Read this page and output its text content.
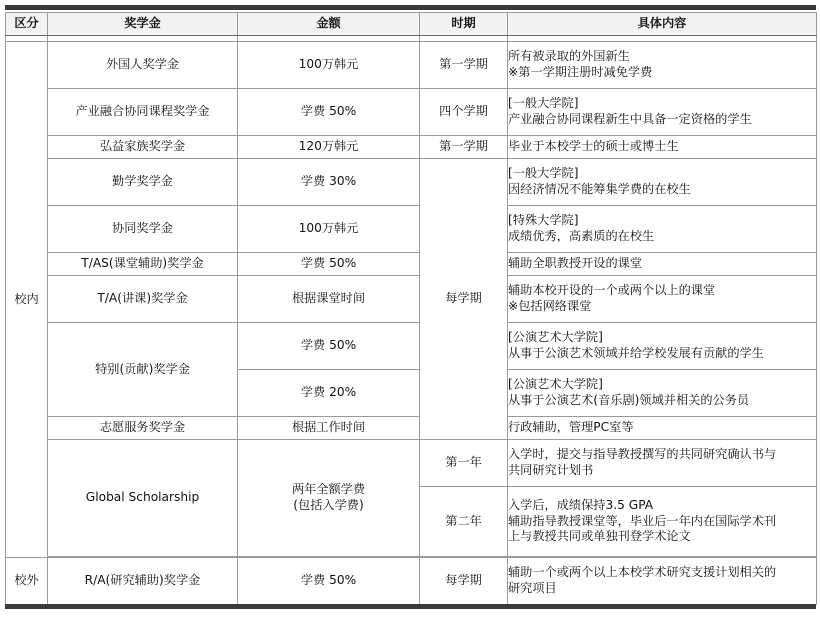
区分	奖学金	金额	时期	具体内容

校内	外国人奖学金	100万韩元	第一学期	所有被录取的外国新生
※第一学期注册时减免学费

	产业融合协同课程奖学金	学费 50%	四个学期	[一般大学院]
产业融合协同课程新生中具备一定资格的学生

	弘益家族奖学金	120万韩元	第一学期	毕业于本校学士的硕士或博士生

	勤学奖学金	学费 30%	每学期	[一般大学院]
因经济情况不能筹集学费的在校生

	协同奖学金	100万韩元		[特殊大学院]
成绩优秀，高素质的在校生

	T/AS(课堂辅助)奖学金	学费 50%		辅助全职教授开设的课堂

	T/A(讲课)奖学金	根据课堂时间		辅助本校开设的一个或两个以上的课堂
※包括网络课堂

	特别(贡献)奖学金	学费 50%		[公演艺术大学院]
从事于公演艺术领域并给学校发展有贡献的学生

		学费 20%		[公演艺术大学院]
从事于公演艺术(音乐剧)领域并相关的公务员

	志愿服务奖学金	根据工作时间		行政辅助，管理PC室等

	Global Scholarship	两年全额学费
(包括入学费)	第一年	入学时，提交与指导教授撰写的共同研究确认书与
共同研究计划书

			第二年	入学后，成绩保持3.5 GPA
辅助指导教授课堂等，毕业后一年内在国际学术刊
上与教授共同或单独刊登学术论文

校外	R/A(研究辅助)奖学金	学费 50%	每学期	辅助一个或两个以上本校学术研究支援计划相关的
研究项目
